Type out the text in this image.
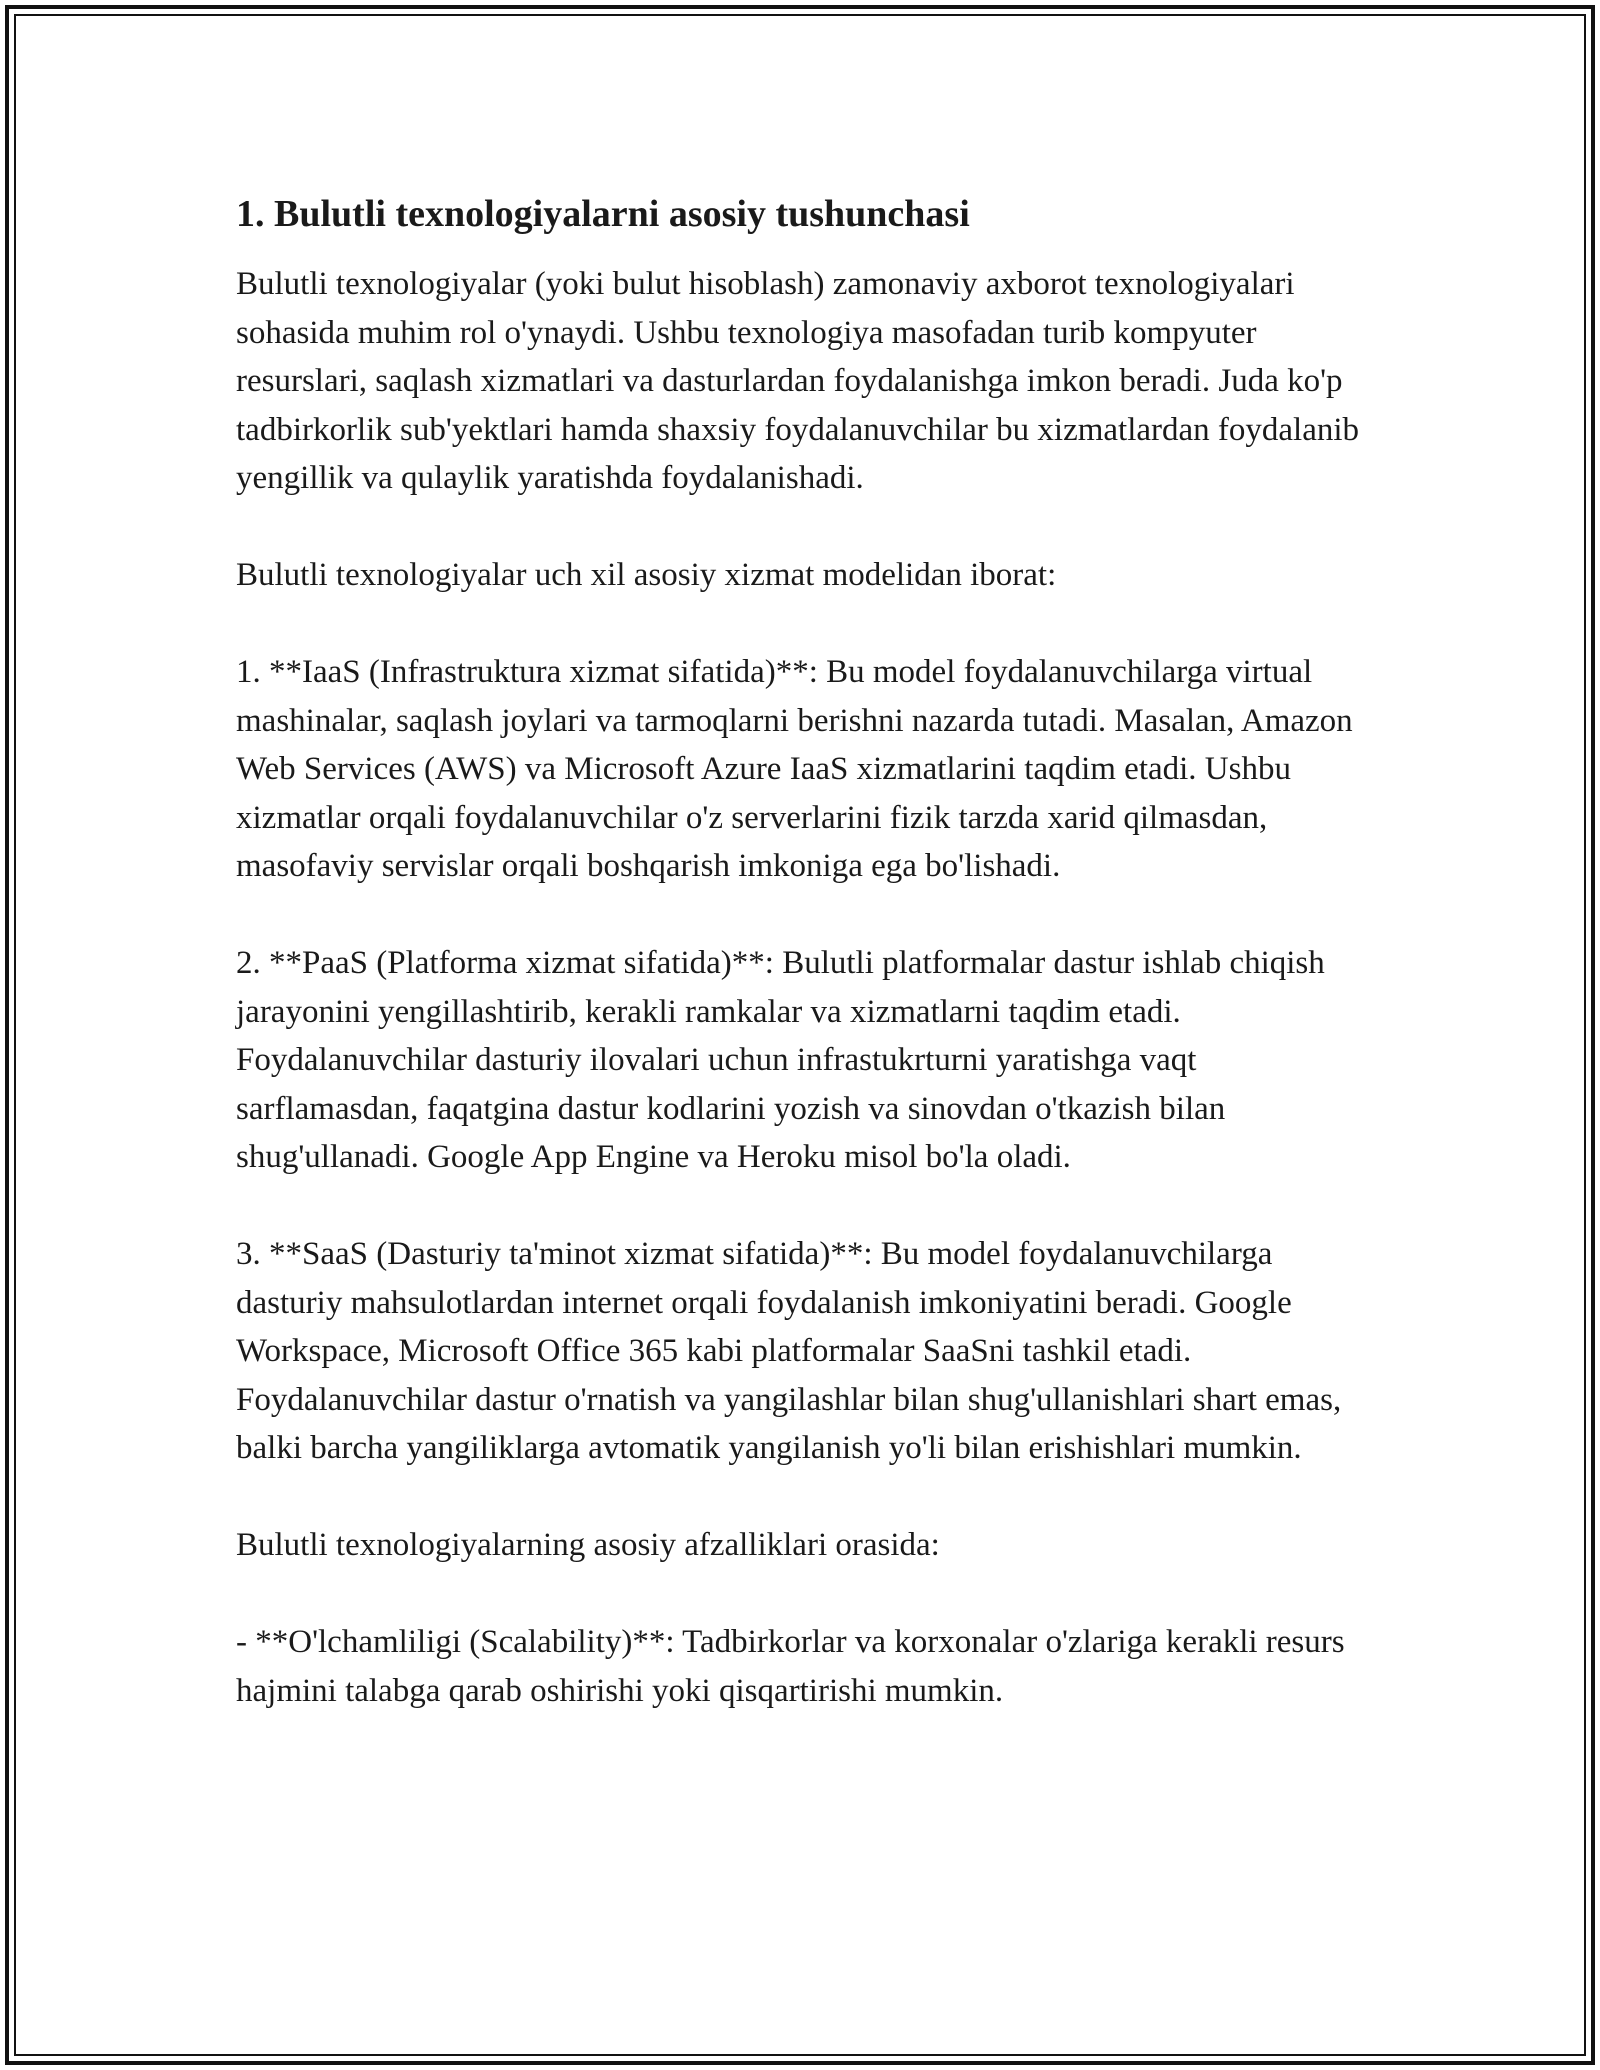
1. Bulutli texnologiyalarni asosiy tushunchasi

Bulutli texnologiyalar (yoki bulut hisoblash) zamonaviy axborot texnologiyalari sohasida muhim rol o'ynaydi. Ushbu texnologiya masofadan turib kompyuter resurslari, saqlash xizmatlari va dasturlardan foydalanishga imkon beradi. Juda ko'p tadbirkorlik sub'yektlari hamda shaxsiy foydalanuvchilar bu xizmatlardan foydalanib yengillik va qulaylik yaratishda foydalanishadi.

Bulutli texnologiyalar uch xil asosiy xizmat modelidan iborat:

1. **IaaS (Infrastruktura xizmat sifatida)**: Bu model foydalanuvchilarga virtual mashinalar, saqlash joylari va tarmoqlarni berishni nazarda tutadi. Masalan, Amazon Web Services (AWS) va Microsoft Azure IaaS xizmatlarini taqdim etadi. Ushbu xizmatlar orqali foydalanuvchilar o'z serverlarini fizik tarzda xarid qilmasdan, masofaviy servislar orqali boshqarish imkoniga ega bo'lishadi.

2. **PaaS (Platforma xizmat sifatida)**: Bulutli platformalar dastur ishlab chiqish jarayonini yengillashtirib, kerakli ramkalar va xizmatlarni taqdim etadi. Foydalanuvchilar dasturiy ilovalari uchun infrastukrturni yaratishga vaqt sarflamasdan, faqatgina dastur kodlarini yozish va sinovdan o'tkazish bilan shug'ullanadi. Google App Engine va Heroku misol bo'la oladi.

3. **SaaS (Dasturiy ta'minot xizmat sifatida)**: Bu model foydalanuvchilarga dasturiy mahsulotlardan internet orqali foydalanish imkoniyatini beradi. Google Workspace, Microsoft Office 365 kabi platformalar SaaSni tashkil etadi. Foydalanuvchilar dastur o'rnatish va yangilashlar bilan shug'ullanishlari shart emas, balki barcha yangiliklarga avtomatik yangilanish yo'li bilan erishishlari mumkin.

Bulutli texnologiyalarning asosiy afzalliklari orasida:

- **O'lchamliligi (Scalability)**: Tadbirkorlar va korxonalar o'zlariga kerakli resurs hajmini talabga qarab oshirishi yoki qisqartirishi mumkin.
